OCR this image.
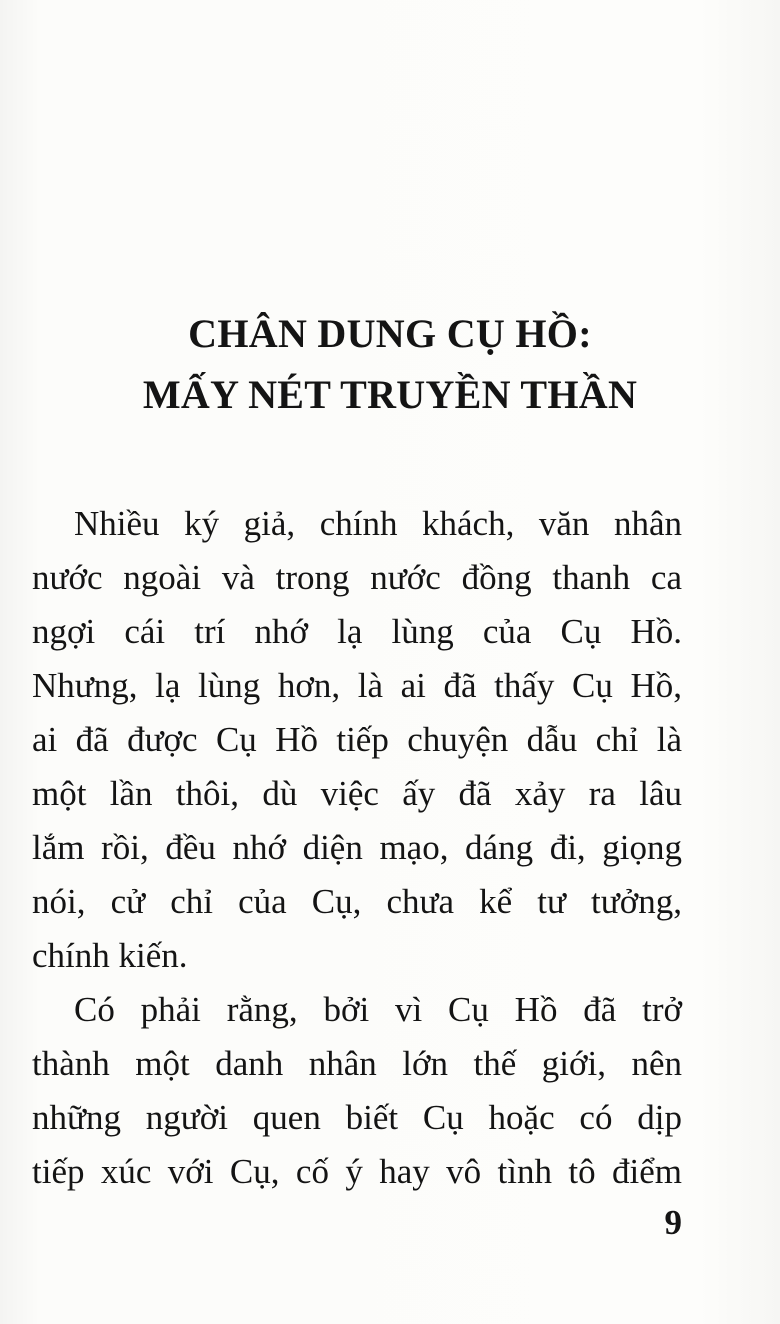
CHÂN DUNG CỤ HỒ:
MẤY NÉT TRUYỀN THẦN
Nhiều ký giả, chính khách, văn nhân
nước ngoài và trong nước đồng thanh ca
ngợi cái trí nhớ lạ lùng của Cụ Hồ.
Nhưng, lạ lùng hơn, là ai đã thấy Cụ Hồ,
ai đã được Cụ Hồ tiếp chuyện dẫu chỉ là
một lần thôi, dù việc ấy đã xảy ra lâu
lắm rồi, đều nhớ diện mạo, dáng đi, giọng
nói, cử chỉ của Cụ, chưa kể tư tưởng,
chính kiến.
Có phải rằng, bởi vì Cụ Hồ đã trở
thành một danh nhân lớn thế giới, nên
những người quen biết Cụ hoặc có dịp
tiếp xúc với Cụ, cố ý hay vô tình tô điểm
9
